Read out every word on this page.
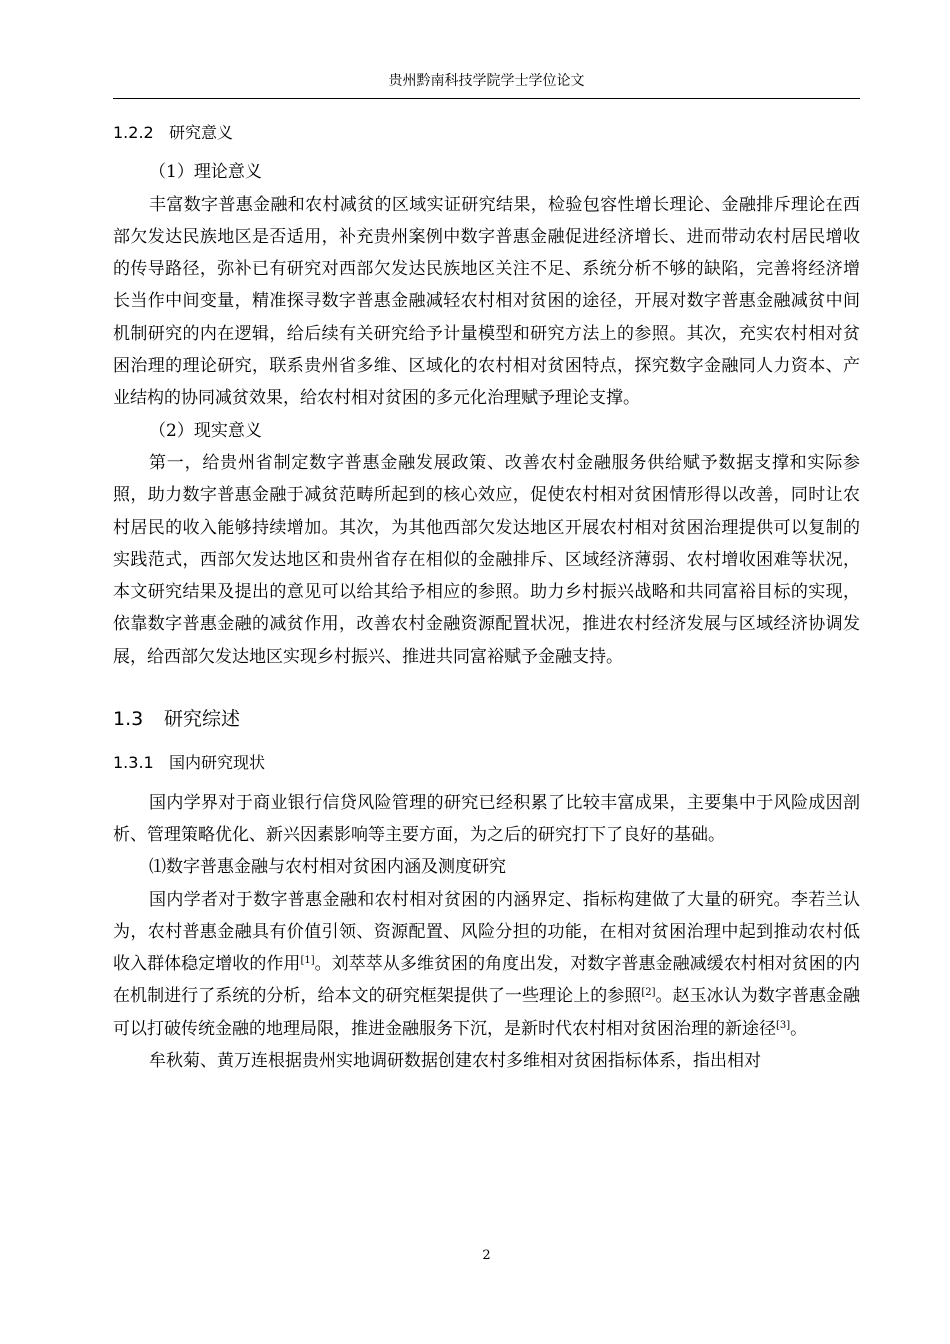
贵州黔南科技学院学士学位论文

1.2.2 研究意义

（1）理论意义

丰富数字普惠金融和农村减贫的区域实证研究结果，检验包容性增长理论、金融排斥理论在西部欠发达民族地区是否适用，补充贵州案例中数字普惠金融促进经济增长、进而带动农村居民增收的传导路径，弥补已有研究对西部欠发达民族地区关注不足、系统分析不够的缺陷，完善将经济增长当作中间变量，精准探寻数字普惠金融减轻农村相对贫困的途径，开展对数字普惠金融减贫中间机制研究的内在逻辑，给后续有关研究给予计量模型和研究方法上的参照。其次，充实农村相对贫困治理的理论研究，联系贵州省多维、区域化的农村相对贫困特点，探究数字金融同人力资本、产业结构的协同减贫效果，给农村相对贫困的多元化治理赋予理论支撑。

（2）现实意义

第一，给贵州省制定数字普惠金融发展政策、改善农村金融服务供给赋予数据支撑和实际参照，助力数字普惠金融于减贫范畴所起到的核心效应，促使农村相对贫困情形得以改善，同时让农村居民的收入能够持续增加。其次，为其他西部欠发达地区开展农村相对贫困治理提供可以复制的实践范式，西部欠发达地区和贵州省存在相似的金融排斥、区域经济薄弱、农村增收困难等状况，本文研究结果及提出的意见可以给其给予相应的参照。助力乡村振兴战略和共同富裕目标的实现，依靠数字普惠金融的减贫作用，改善农村金融资源配置状况，推进农村经济发展与区域经济协调发展，给西部欠发达地区实现乡村振兴、推进共同富裕赋予金融支持。

1.3 研究综述

1.3.1 国内研究现状

国内学界对于商业银行信贷风险管理的研究已经积累了比较丰富成果，主要集中于风险成因剖析、管理策略优化、新兴因素影响等主要方面，为之后的研究打下了良好的基础。

⑴数字普惠金融与农村相对贫困内涵及测度研究

国内学者对于数字普惠金融和农村相对贫困的内涵界定、指标构建做了大量的研究。李若兰认为，农村普惠金融具有价值引领、资源配置、风险分担的功能，在相对贫困治理中起到推动农村低收入群体稳定增收的作用[1]。刘萃萃从多维贫困的角度出发，对数字普惠金融减缓农村相对贫困的内在机制进行了系统的分析，给本文的研究框架提供了一些理论上的参照[2]。赵玉冰认为数字普惠金融可以打破传统金融的地理局限，推进金融服务下沉，是新时代农村相对贫困治理的新途径[3]。

牟秋菊、黄万连根据贵州实地调研数据创建农村多维相对贫困指标体系，指出相对

2
